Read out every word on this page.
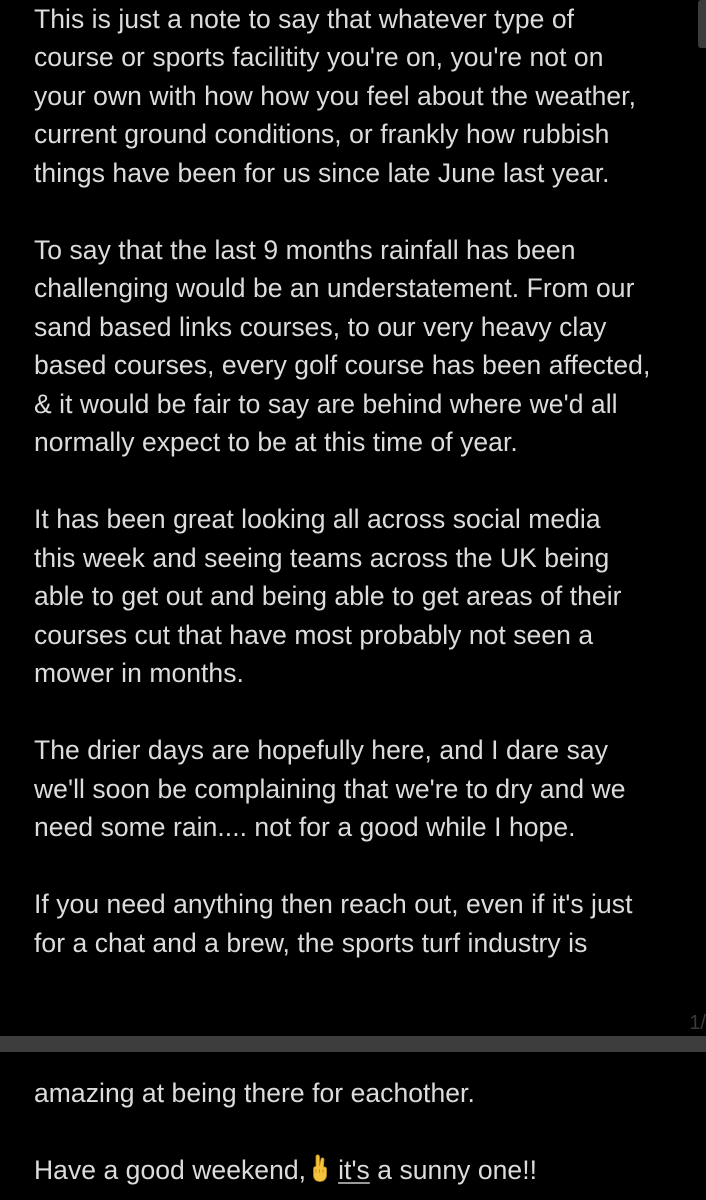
This is just a note to say that whatever type of
course or sports facilitity you're on, you're not on
your own with how how you feel about the weather,
current ground conditions, or frankly how rubbish
things have been for us since late June last year.

To say that the last 9 months rainfall has been
challenging would be an understatement. From our
sand based links courses, to our very heavy clay
based courses, every golf course has been affected,
& it would be fair to say are behind where we'd all
normally expect to be at this time of year.

It has been great looking all across social media
this week and seeing teams across the UK being
able to get out and being able to get areas of their
courses cut that have most probably not seen a
mower in months.

The drier days are hopefully here, and I dare say
we'll soon be complaining that we're to dry and we
need some rain.... not for a good while I hope.

If you need anything then reach out, even if it's just
for a chat and a brew, the sports turf industry is

1/

amazing at being there for eachother.

Have a good weekend, it's a sunny one!!
